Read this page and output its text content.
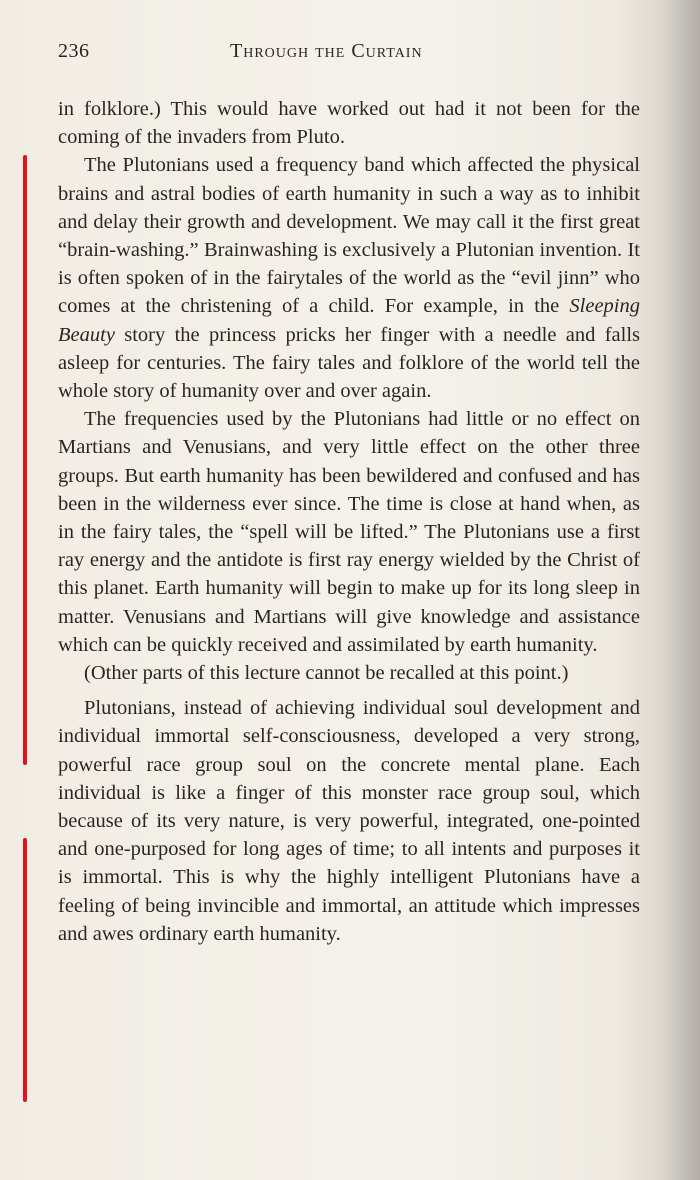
236	Through the Curtain

in folklore.) This would have worked out had it not been for the coming of the invaders from Pluto.

The Plutonians used a frequency band which affected the physical brains and astral bodies of earth humanity in such a way as to inhibit and delay their growth and development. We may call it the first great “brain-washing.” Brainwashing is exclusively a Plutonian invention. It is often spoken of in the fairytales of the world as the “evil jinn” who comes at the christening of a child. For example, in the Sleeping Beauty story the princess pricks her finger with a needle and falls asleep for centuries. The fairy tales and folklore of the world tell the whole story of humanity over and over again.

The frequencies used by the Plutonians had little or no effect on Martians and Venusians, and very little effect on the other three groups. But earth humanity has been bewildered and confused and has been in the wilderness ever since. The time is close at hand when, as in the fairy tales, the “spell will be lifted.” The Plutonians use a first ray energy and the antidote is first ray energy wielded by the Christ of this planet. Earth humanity will begin to make up for its long sleep in matter. Venusians and Martians will give knowledge and assistance which can be quickly received and assimilated by earth humanity.

(Other parts of this lecture cannot be recalled at this point.)

Plutonians, instead of achieving individual soul development and individual immortal self-consciousness, developed a very strong, powerful race group soul on the concrete mental plane. Each individual is like a finger of this monster race group soul, which because of its very nature, is very powerful, integrated, one-pointed and one-purposed for long ages of time; to all intents and purposes it is immortal. This is why the highly intelligent Plutonians have a feeling of being invincible and immortal, an attitude which impresses and awes ordinary earth humanity.
